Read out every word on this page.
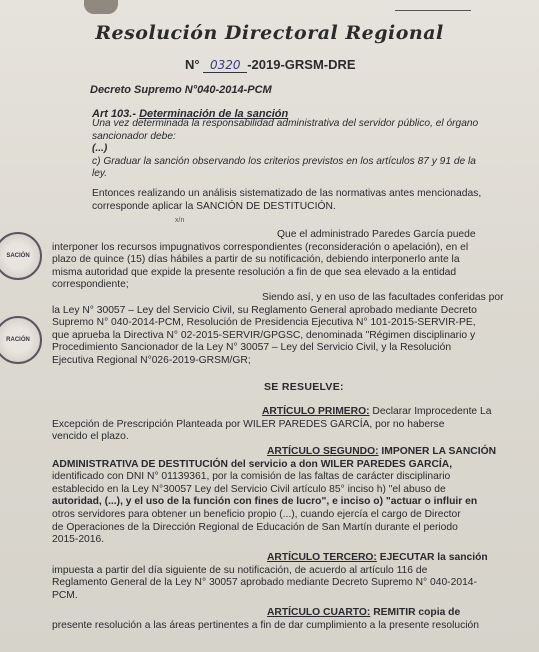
Resolución Directoral Regional
N° 0320 -2019-GRSM-DRE
Decreto Supremo N°040-2014-PCM
Art 103.- Determinación de la sanción
Una vez determinada la responsabilidad administrativa del servidor público, el órgano
sancionador debe:
(...)
c) Graduar la sanción observando los criterios previstos en los artículos 87 y 91 de la
ley.
Entonces realizando un análisis sistematizado de las normativas antes mencionadas,
corresponde aplicar la SANCIÓN DE DESTITUCIÓN.
x/n
SACIÓN
Que el administrado Paredes García puede
interponer los recursos impugnativos correspondientes (reconsideración o apelación), en el
plazo de quince (15) días hábiles a partir de su notificación, debiendo interponerlo ante la
misma autoridad que expide la presente resolución a fin de que sea elevado a la entidad
correspondiente;
RACIÓN
Siendo así, y en uso de las facultades conferidas por
la Ley N° 30057 – Ley del Servicio Civil, su Reglamento General aprobado mediante Decreto
Supremo N° 040-2014-PCM, Resolución de Presidencia Ejecutiva N° 101-2015-SERVIR-PE,
que aprueba la Directiva N° 02-2015-SERVIR/GPGSC, denominada "Régimen disciplinario y
Procedimiento Sancionador de la Ley N° 30057 – Ley del Servicio Civil, y la Resolución
Ejecutiva Regional N°026-2019-GRSM/GR;
SE RESUELVE:
ARTÍCULO PRIMERO: Declarar Improcedente La
Excepción de Prescripción Planteada por WILER PAREDES GARCÍA, por no haberse
vencido el plazo.
ARTÍCULO SEGUNDO: IMPONER LA SANCIÓN
ADMINISTRATIVA DE DESTITUCIÓN del servicio a don WILER PAREDES GARCÍA,
identificado con DNI N° 01139361, por la comisión de las faltas de carácter disciplinario
establecido en la Ley N°30057 Ley del Servicio Civil artículo 85° inciso h) "el abuso de
autoridad, (...), y el uso de la función con fines de lucro", e inciso o) "actuar o influir en
otros servidores para obtener un beneficio propio (...), cuando ejercía el cargo de Director
de Operaciones de la Dirección Regional de Educación de San Martín durante el periodo
2015-2016.
ARTÍCULO TERCERO: EJECUTAR la sanción
impuesta a partir del día siguiente de su notificación, de acuerdo al artículo 116 de
Reglamento General de la Ley N° 30057 aprobado mediante Decreto Supremo N° 040-2014-
PCM.
ARTÍCULO CUARTO: REMITIR copia de
presente resolución a las áreas pertinentes a fin de dar cumplimiento a la presente resolución
